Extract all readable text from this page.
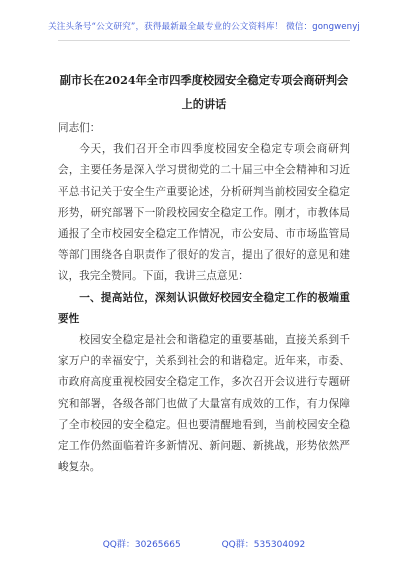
关注头条号“公文研究”，获得最新最全最专业的公文资料库！ 微信：gongwenyj
副市长在2024年全市四季度校园安全稳定专项会商研判会
上的讲话

同志们：

今天，我们召开全市四季度校园安全稳定专项会商研判会，主要任务是深入学习贯彻党的二十届三中全会精神和习近平总书记关于安全生产重要论述，分析研判当前校园安全稳定形势，研究部署下一阶段校园安全稳定工作。刚才，市教体局通报了全市校园安全稳定工作情况，市公安局、市市场监管局等部门围绕各自职责作了很好的发言，提出了很好的意见和建议，我完全赞同。下面，我讲三点意见：

一、提高站位，深刻认识做好校园安全稳定工作的极端重要性

校园安全稳定是社会和谐稳定的重要基础，直接关系到千家万户的幸福安宁，关系到社会的和谐稳定。近年来，市委、市政府高度重视校园安全稳定工作，多次召开会议进行专题研究和部署，各级各部门也做了大量富有成效的工作，有力保障了全市校园的安全稳定。但也要清醒地看到，当前校园安全稳定工作仍然面临着许多新情况、新问题、新挑战，形势依然严峻复杂。

QQ群：30265665	QQ群：535304092
